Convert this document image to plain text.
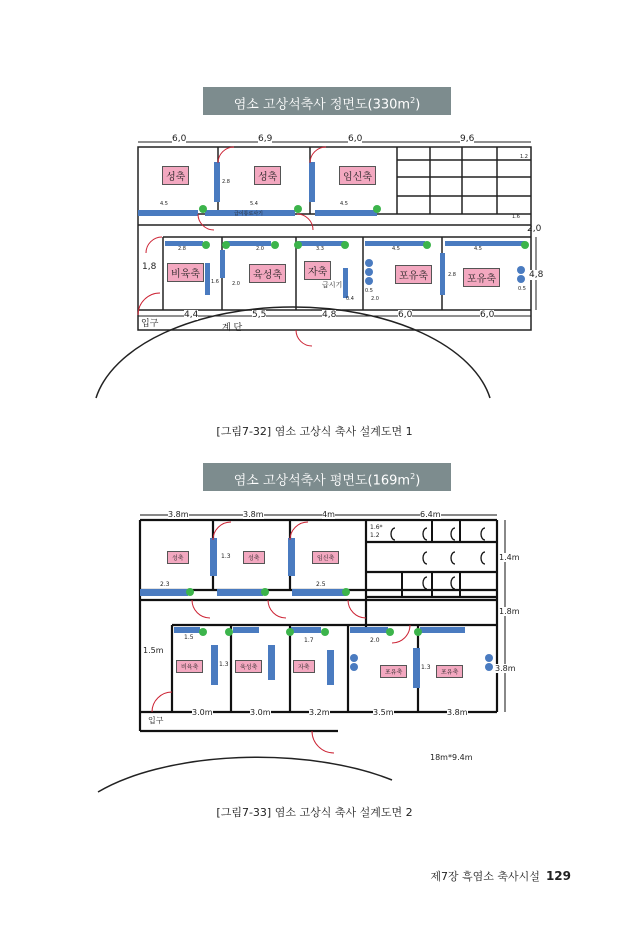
염소 고상석축사 정면도$(330m^2)$
6,0	6,9	6,0	9,6
4,4	5,5	4,8	6,0	6,0
1,8
2,0
4,8
2.8
4.5	5.4	4.5
1.2
1.6
2.8	2.0	3.3	4.5	4.5
1.6	2.0
2.8
0.4	2.0
0.5	0.5
성축	성축	임신축
비육축	육성축	자축	포유축	포유축
급이통로사기
급시기
입구	계 단
[그림7-32] 염소 고상식 축사 설계도면 1
염소 고상석축사 평면도$(169m^2)$
3.8m	3.8m	4m	6.4m
3.0m	3.0m	3.2m	3.5m	3.8m
1.4m
1.8m
3.8m
1.5m
1.3
2.3	2.5
1.5	1.7	2.0
1.3	1.3
1.6*
1.2
성축	성축	임신축
비육축	육성축	자축
포유축	포유축
입구
18m*9.4m
[그림7-33] 염소 고상식 축사 설계도면 2
제7장 흑염소 축사시설 129
